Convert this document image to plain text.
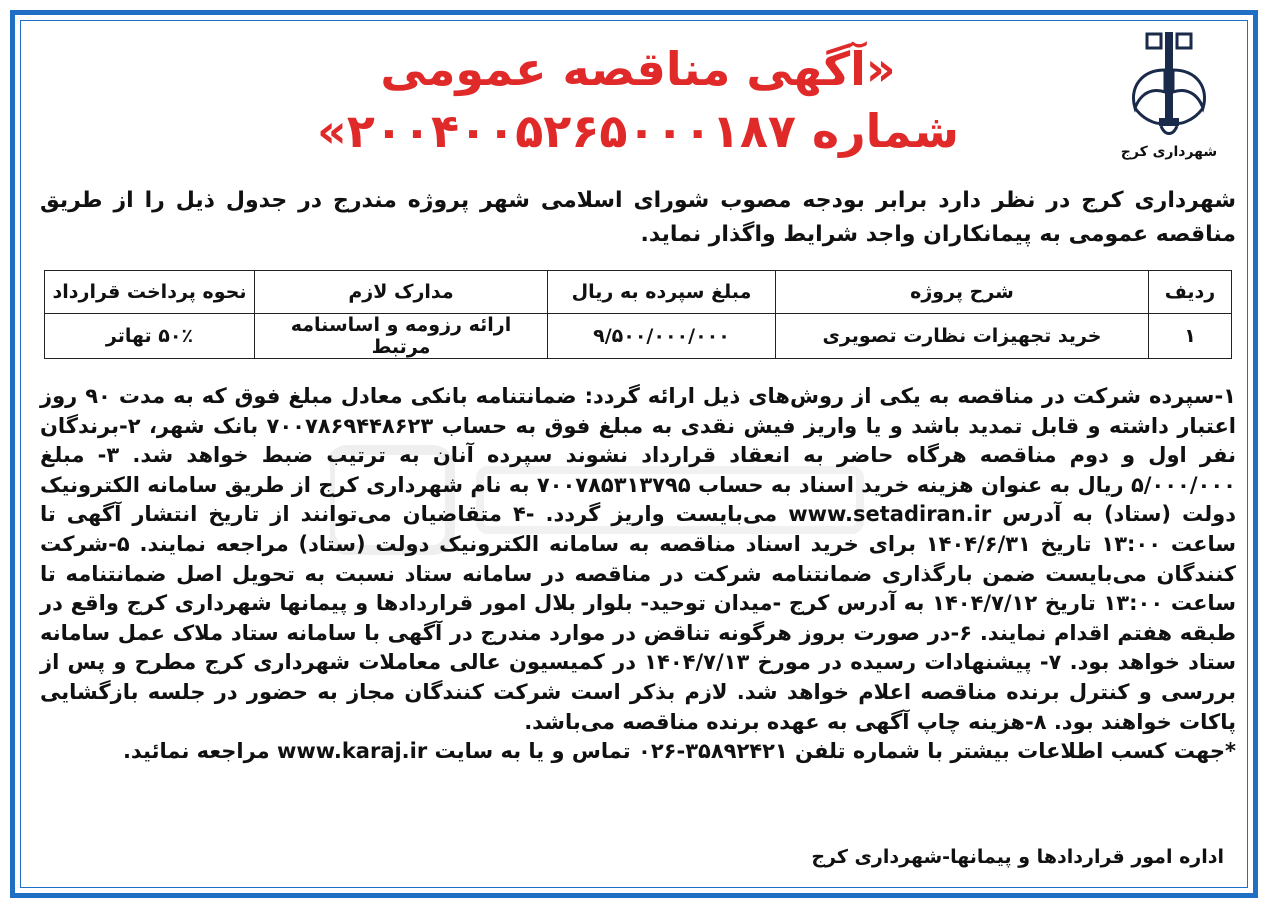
شهرداری کرج
«آگهی مناقصه عمومی
شماره ۲۰۰۴۰۰۵۲۶۵۰۰۰۱۸۷»
شهرداری کرج در نظر دارد برابر بودجه مصوب شورای اسلامی شهر پروژه مندرج در جدول ذیل را از طریق مناقصه عمومی به پیمانکاران واجد شرایط واگذار نماید.
ردیف	شرح پروژه	مبلغ سپرده به ریال	مدارک لازم	نحوه پرداخت قرارداد
۱	خرید تجهیزات نظارت تصویری	۹/۵۰۰/۰۰۰/۰۰۰	ارائه رزومه و اساسنامه مرتبط	۵۰٪ تهاتر

۱-سپرده شرکت در مناقصه به یکی از روش‌های ذیل ارائه گردد: ضمانتنامه بانکی معادل مبلغ فوق که به مدت ۹۰ روز اعتبار داشته و قابل تمدید باشد و یا واریز فیش نقدی به مبلغ فوق به حساب ۷۰۰۷۸۶۹۴۴۸۶۲۳ بانک شهر، ۲-برندگان نفر اول و دوم مناقصه هرگاه حاضر به انعقاد قرارداد نشوند سپرده آنان به ترتیب ضبط خواهد شد. ۳- مبلغ ۵/۰۰۰/۰۰۰ ریال به عنوان هزینه خرید اسناد به حساب ۷۰۰۷۸۵۳۱۳۷۹۵ به نام شهرداری کرج از طریق سامانه الکترونیک دولت (ستاد) به آدرس www.setadiran.ir می‌بایست واریز گردد. -۴ متقاضیان می‌توانند از تاریخ انتشار آگهی تا ساعت ۱۳:۰۰ تاریخ ۱۴۰۴/۶/۳۱ برای خرید اسناد مناقصه به سامانه الکترونیک دولت (ستاد) مراجعه نمایند. ۵-شرکت کنندگان می‌بایست ضمن بارگذاری ضمانتنامه شرکت در مناقصه در سامانه ستاد نسبت به تحویل اصل ضمانتنامه تا ساعت ۱۳:۰۰ تاریخ ۱۴۰۴/۷/۱۲ به آدرس کرج -میدان توحید- بلوار بلال امور قراردادها و پیمانها شهرداری کرج واقع در طبقه هفتم اقدام نمایند. ۶-در صورت بروز هرگونه تناقض در موارد مندرج در آگهی با سامانه ستاد ملاک عمل سامانه ستاد خواهد بود. ۷- پیشنهادات رسیده در مورخ ۱۴۰۴/۷/۱۳ در کمیسیون عالی معاملات شهرداری کرج مطرح و پس از بررسی و کنترل برنده مناقصه اعلام خواهد شد. لازم بذکر است شرکت کنندگان مجاز به حضور در جلسه بازگشایی پاکات خواهند بود. ۸-هزینه چاپ آگهی به عهده برنده مناقصه می‌باشد.

*جهت کسب اطلاعات بیشتر با شماره تلفن ۳۵۸۹۲۴۲۱-۰۲۶ تماس و یا به سایت www.karaj.ir مراجعه نمائید.

اداره امور قراردادها و پیمانها-شهرداری کرج
